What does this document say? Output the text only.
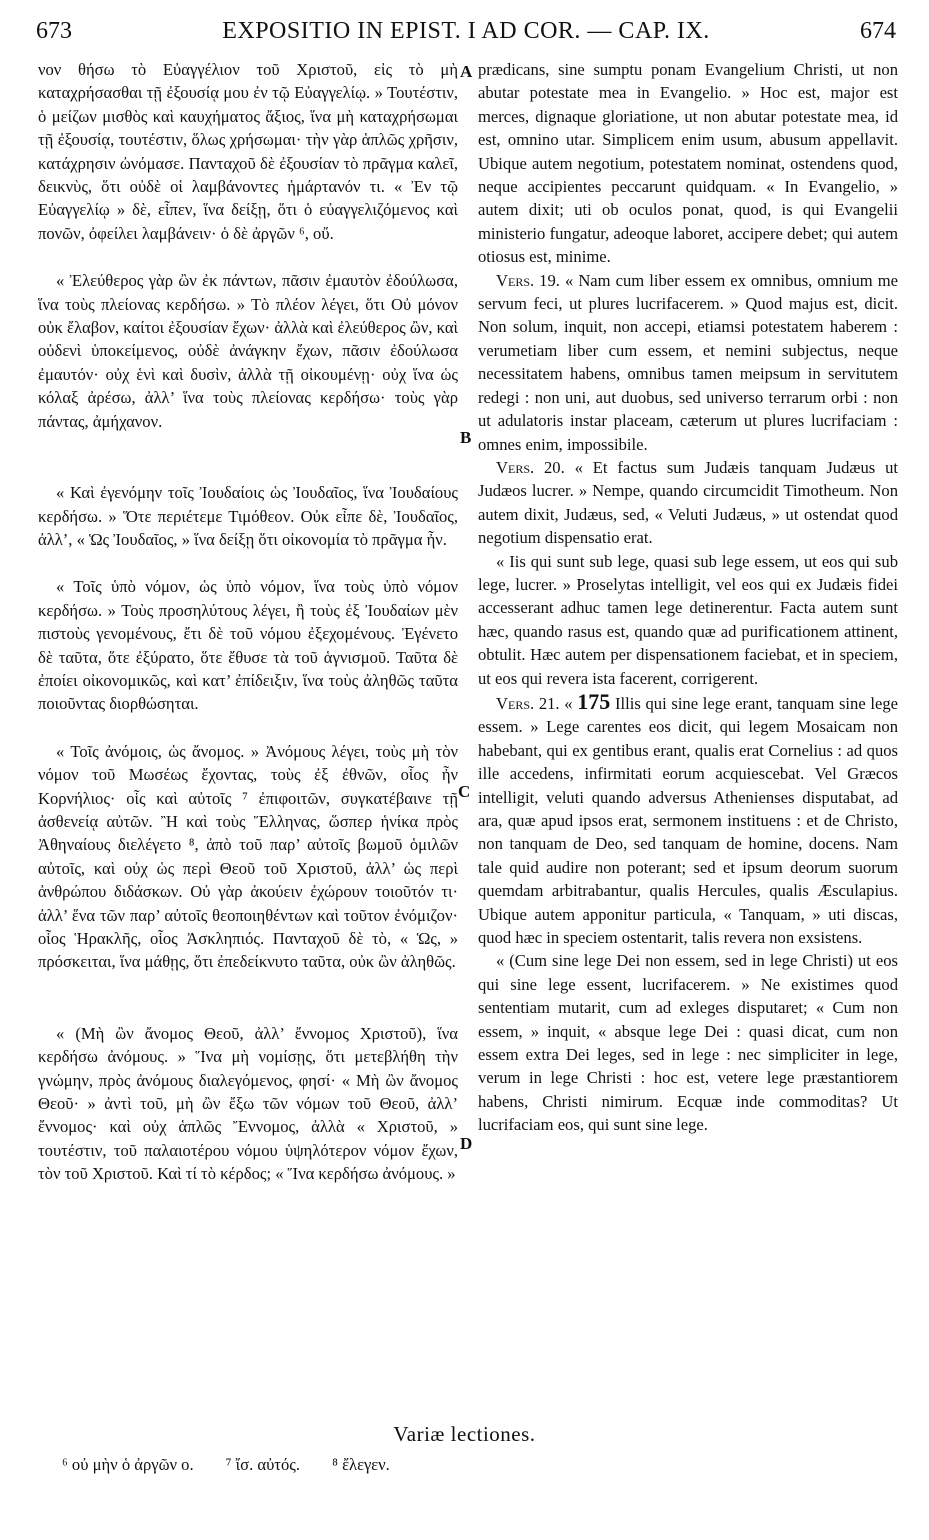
673	EXPOSITIO IN EPIST. I AD COR. — CAP. IX.	674
A
B
C
D

νον θήσω τὸ Εὐαγγέλιον τοῦ Χριστοῦ, εἰς τὸ μὴ καταχρήσασθαι τῇ ἐξουσίᾳ μου ἐν τῷ Εὐαγγελίῳ. » Τουτέστιν, ὁ μείζων μισθὸς καὶ καυχήματος ἄξιος, ἵνα μὴ καταχρήσωμαι τῇ ἐξουσίᾳ, τουτέστιν, ὅλως χρήσωμαι· τὴν γὰρ ἁπλῶς χρῆσιν, κατάχρησιν ὠνόμασε. Πανταχοῦ δὲ ἐξουσίαν τὸ πρᾶγμα καλεῖ, δεικνὺς, ὅτι οὐδὲ οἱ λαμβάνοντες ἡμάρτανόν τι. « Ἐν τῷ Εὐαγγελίῳ » δὲ, εἶπεν, ἵνα δείξῃ, ὅτι ὁ εὐαγγελιζόμενος καὶ πονῶν, ὀφείλει λαμβάνειν· ὁ δὲ ἀργῶν ⁶, οὔ.

« Ἐλεύθερος γὰρ ὢν ἐκ πάντων, πᾶσιν ἐμαυτὸν ἐδούλωσα, ἵνα τοὺς πλείονας κερδήσω. » Τὸ πλέον λέγει, ὅτι Οὐ μόνον οὐκ ἔλαβον, καίτοι ἐξουσίαν ἔχων· ἀλλὰ καὶ ἐλεύθερος ὢν, καὶ οὐδενὶ ὑποκείμενος, οὐδὲ ἀνάγκην ἔχων, πᾶσιν ἐδούλωσα ἐμαυτόν· οὐχ ἑνὶ καὶ δυσὶν, ἀλλὰ τῇ οἰκουμένῃ· οὐχ ἵνα ὡς κόλαξ ἀρέσω, ἀλλ’ ἵνα τοὺς πλείονας κερδήσω· τοὺς γὰρ πάντας, ἀμήχανον.

« Καὶ ἐγενόμην τοῖς Ἰουδαίοις ὡς Ἰουδαῖος, ἵνα Ἰουδαίους κερδήσω. » Ὅτε περιέτεμε Τιμόθεον. Οὐκ εἶπε δὲ, Ἰουδαῖος, ἀλλ’, « Ὡς Ἰουδαῖος, » ἵνα δείξῃ ὅτι οἰκονομία τὸ πρᾶγμα ἦν.

« Τοῖς ὑπὸ νόμον, ὡς ὑπὸ νόμον, ἵνα τοὺς ὑπὸ νόμον κερδήσω. » Τοὺς προσηλύτους λέγει, ἢ τοὺς ἐξ Ἰουδαίων μὲν πιστοὺς γενομένους, ἔτι δὲ τοῦ νόμου ἐξεχομένους. Ἐγένετο δὲ ταῦτα, ὅτε ἐξύρατο, ὅτε ἔθυσε τὰ τοῦ ἁγνισμοῦ. Ταῦτα δὲ ἐποίει οἰκονομικῶς, καὶ κατ’ ἐπίδειξιν, ἵνα τοὺς ἀληθῶς ταῦτα ποιοῦντας διορθώσηται.

« Τοῖς ἀνόμοις, ὡς ἄνομος. » Ἀνόμους λέγει, τοὺς μὴ τὸν νόμον τοῦ Μωσέως ἔχοντας, τοὺς ἐξ ἐθνῶν, οἷος ἦν Κορνήλιος· οἷς καὶ αὐτοῖς ⁷ ἐπιφοιτῶν, συγκατέβαινε τῇ ἀσθενείᾳ αὐτῶν. Ἢ καὶ τοὺς Ἕλληνας, ὥσπερ ἡνίκα πρὸς Ἀθηναίους διελέγετο ⁸, ἀπὸ τοῦ παρ’ αὐτοῖς βωμοῦ ὁμιλῶν αὐτοῖς, καὶ οὐχ ὡς περὶ Θεοῦ τοῦ Χριστοῦ, ἀλλ’ ὡς περὶ ἀνθρώπου διδάσκων. Οὐ γὰρ ἀκούειν ἐχώρουν τοιοῦτόν τι· ἀλλ’ ἕνα τῶν παρ’ αὐτοῖς θεοποιηθέντων καὶ τοῦτον ἐνόμιζον· οἷος Ἡρακλῆς, οἷος Ἀσκληπιός. Πανταχοῦ δὲ τὸ, « Ὡς, » πρόσκειται, ἵνα μάθῃς, ὅτι ἐπεδείκνυτο ταῦτα, οὐκ ὢν ἀληθῶς.

« (Μὴ ὢν ἄνομος Θεοῦ, ἀλλ’ ἔννομος Χριστοῦ), ἵνα κερδήσω ἀνόμους. » Ἵνα μὴ νομίσῃς, ὅτι μετεβλήθη τὴν γνώμην, πρὸς ἀνόμους διαλεγόμενος, φησί· « Μὴ ὢν ἄνομος Θεοῦ· » ἀντὶ τοῦ, μὴ ὢν ἔξω τῶν νόμων τοῦ Θεοῦ, ἀλλ’ ἔννομος· καὶ οὐχ ἁπλῶς Ἔννομος, ἀλλὰ « Χριστοῦ, » τουτέστιν, τοῦ παλαιοτέρου νόμου ὑψηλότερον νόμον ἔχων, τὸν τοῦ Χριστοῦ. Καὶ τί τὸ κέρδος; « Ἵνα κερδήσω ἀνόμους. »

prædicans, sine sumptu ponam Evangelium Christi, ut non abutar potestate mea in Evangelio. » Hoc est, major est merces, dignaque gloriatione, ut non abutar potestate mea, id est, omnino utar. Simplicem enim usum, abusum appellavit. Ubique autem negotium, potestatem nominat, ostendens quod, neque accipientes peccarunt quidquam. « In Evangelio, » autem dixit; uti ob oculos ponat, quod, is qui Evangelii ministerio fungatur, adeoque laboret, accipere debet; qui autem otiosus est, minime.

Vers. 19. « Nam cum liber essem ex omnibus, omnium me servum feci, ut plures lucrifacerem. » Quod majus est, dicit. Non solum, inquit, non accepi, etiamsi potestatem haberem : verumetiam liber cum essem, et nemini subjectus, neque necessitatem habens, omnibus tamen meipsum in servitutem redegi : non uni, aut duobus, sed universo terrarum orbi : non ut adulatoris instar placeam, cæterum ut plures lucrifaciam : omnes enim, impossibile.

Vers. 20. « Et factus sum Judæis tanquam Judæus ut Judæos lucrer. » Nempe, quando circumcidit Timotheum. Non autem dixit, Judæus, sed, « Veluti Judæus, » ut ostendat quod negotium dispensatio erat.

« Iis qui sunt sub lege, quasi sub lege essem, ut eos qui sub lege, lucrer. » Proselytas intelligit, vel eos qui ex Judæis fidei accesserant adhuc tamen lege detinerentur. Facta autem sunt hæc, quando rasus est, quando quæ ad purificationem attinent, obtulit. Hæc autem per dispensationem faciebat, et in speciem, ut eos qui revera ista facerent, corrigerent.

Vers. 21. « 175 Illis qui sine lege erant, tanquam sine lege essem. » Lege carentes eos dicit, qui legem Mosaicam non habebant, qui ex gentibus erant, qualis erat Cornelius : ad quos ille accedens, infirmitati eorum acquiescebat. Vel Græcos intelligit, veluti quando adversus Athenienses disputabat, ad ara, quæ apud ipsos erat, sermonem instituens : et de Christo, non tanquam de Deo, sed tanquam de homine, docens. Nam tale quid audire non poterant; sed et ipsum deorum suorum quemdam arbitrabantur, qualis Hercules, qualis Æsculapius. Ubique autem apponitur particula, « Tanquam, » uti discas, quod hæc in speciem ostentarit, talis revera non exsistens.

« (Cum sine lege Dei non essem, sed in lege Christi) ut eos qui sine lege essent, lucrifacerem. » Ne existimes quod sententiam mutarit, cum ad exleges disputaret; « Cum non essem, » inquit, « absque lege Dei : quasi dicat, cum non essem extra Dei leges, sed in lege : nec simpliciter in lege, verum in lege Christi : hoc est, vetere lege præstantiorem habens, Christi nimirum. Ecquæ inde commoditas? Ut lucrifaciam eos, qui sunt sine lege.

Variæ lectiones.
⁶ οὐ μὴν ὁ ἀργῶν ο. ⁷ ἴσ. αὐτός. ⁸ ἔλεγεν.
